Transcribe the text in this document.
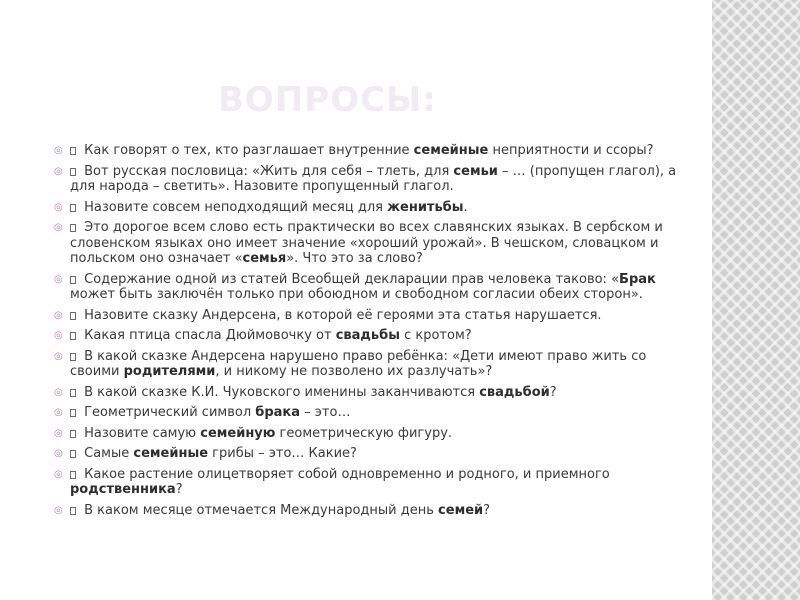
ВОПРОСЫ:
◎ Как говорят о тех, кто разглашает внутренние семейные неприятности и ссоры?
◎ Вот русская пословица: «Жить для себя – тлеть, для семьи – … (пропущен глагол), а для народа – светить». Назовите пропущенный глагол.
◎ Назовите совсем неподходящий месяц для женитьбы.
◎ Это дорогое всем слово есть практически во всех славянских языках. В сербском и словенском языках оно имеет значение «хороший урожай». В чешском, словацком и польском оно означает «семья». Что это за слово?
◎ Содержание одной из статей Всеобщей декларации прав человека таково: «Брак может быть заключён только при обоюдном и свободном согласии обеих сторон».
◎ Назовите сказку Андерсена, в которой её героями эта статья нарушается.
◎ Какая птица спасла Дюймовочку от свадьбы с кротом?
◎ В какой сказке Андерсена нарушено право ребёнка: «Дети имеют право жить со своими родителями, и никому не позволено их разлучать»?
◎ В какой сказке К.И. Чуковского именины заканчиваются свадьбой?
◎ Геометрический символ брака – это…
◎ Назовите самую семейную геометрическую фигуру.
◎ Самые семейные грибы – это… Какие?
◎ Какое растение олицетворяет собой одновременно и родного, и приемного родственника?
◎ В каком месяце отмечается Международный день семей?
